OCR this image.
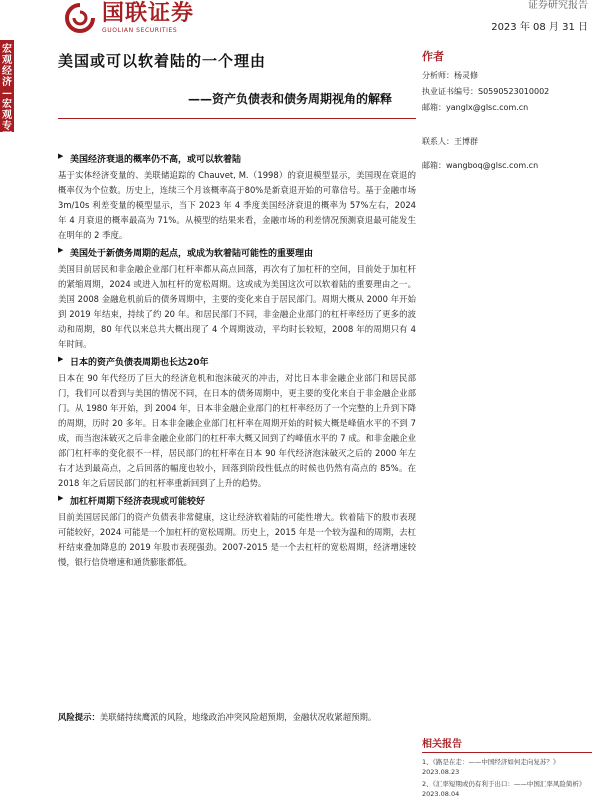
国联证券
GUOLIAN SECURITIES
证券研究报告
2023 年 08 月 31 日
宏观经济—宏观专题
美国或可以软着陆的一个理由
——资产负债表和债务周期视角的解释
作者
分析师：杨灵修
执业证书编号：S0590523010002
邮箱：yanglx@glsc.com.cn
联系人：王博群
邮箱：wangboq@glsc.com.cn
▶ 美国经济衰退的概率仍不高，或可以软着陆
基于实体经济变量的、美联储追踪的 Chauvet, M.（1998）的衰退模型显示，美国现在衰退的概率仅为个位数。历史上，连续三个月该概率高于80%是新衰退开始的可靠信号。基于金融市场 3m/10s 利差变量的模型显示，当下 2023 年 4 季度美国经济衰退的概率为 57%左右，2024 年 4 月衰退的概率最高为 71%。从模型的结果来看，金融市场的利差情况预测衰退最可能发生在明年的 2 季度。
▶ 美国处于新债务周期的起点，或成为软着陆可能性的重要理由
美国目前居民和非金融企业部门杠杆率都从高点回落，再次有了加杠杆的空间，目前处于加杠杆的紧缩周期，2024 或进入加杠杆的宽松周期。这或成为美国这次可以软着陆的重要理由之一。美国 2008 金融危机前后的债务周期中，主要的变化来自于居民部门。周期大概从 2000 年开始到 2019 年结束，持续了约 20 年。和居民部门不同，非金融企业部门的杠杆率经历了更多的波动和周期，80 年代以来总共大概出现了 4 个周期波动，平均时长较短，2008 年的周期只有 4 年时间。
▶ 日本的资产负债表周期也长达20年
日本在 90 年代经历了巨大的经济危机和泡沫破灭的冲击，对比日本非金融企业部门和居民部门，我们可以看到与美国的情况不同，在日本的债务周期中，更主要的变化来自于非金融企业部门。从 1980 年开始，到 2004 年，日本非金融企业部门的杠杆率经历了一个完整的上升到下降的周期，历时 20 多年。日本非金融企业部门杠杆率在周期开始的时候大概是峰值水平的不到 7 成，而当泡沫破灭之后非金融企业部门的杠杆率大概又回到了约峰值水平的 7 成。和非金融企业部门杠杆率的变化很不一样，居民部门的杠杆率在日本 90 年代经济泡沫破灭之后的 2000 年左右才达到最高点，之后回落的幅度也较小，回落到阶段性低点的时候也仍然有高点的 85%。在 2018 年之后居民部门的杠杆率重新回到了上升的趋势。
▶ 加杠杆周期下经济表现或可能较好
目前美国居民部门的资产负债表非常健康，这让经济软着陆的可能性增大。软着陆下的股市表现可能较好，2024 可能是一个加杠杆的宽松周期。历史上，2015 年是一个较为温和的周期，去杠杆结束叠加降息的 2019 年股市表现强劲。2007-2015 是一个去杠杆的宽松周期，经济增速较慢，银行信贷增速和通货膨胀都低。
风险提示：美联储持续鹰派的风险，地缘政治冲突风险超预期，金融状况收紧超预期。
相关报告
1、《路是在走：——中国经济如何走向复苏？》2023.08.23
2、《汇率短期或仍有利于出口：——中国汇率风险简析》2023.08.04
